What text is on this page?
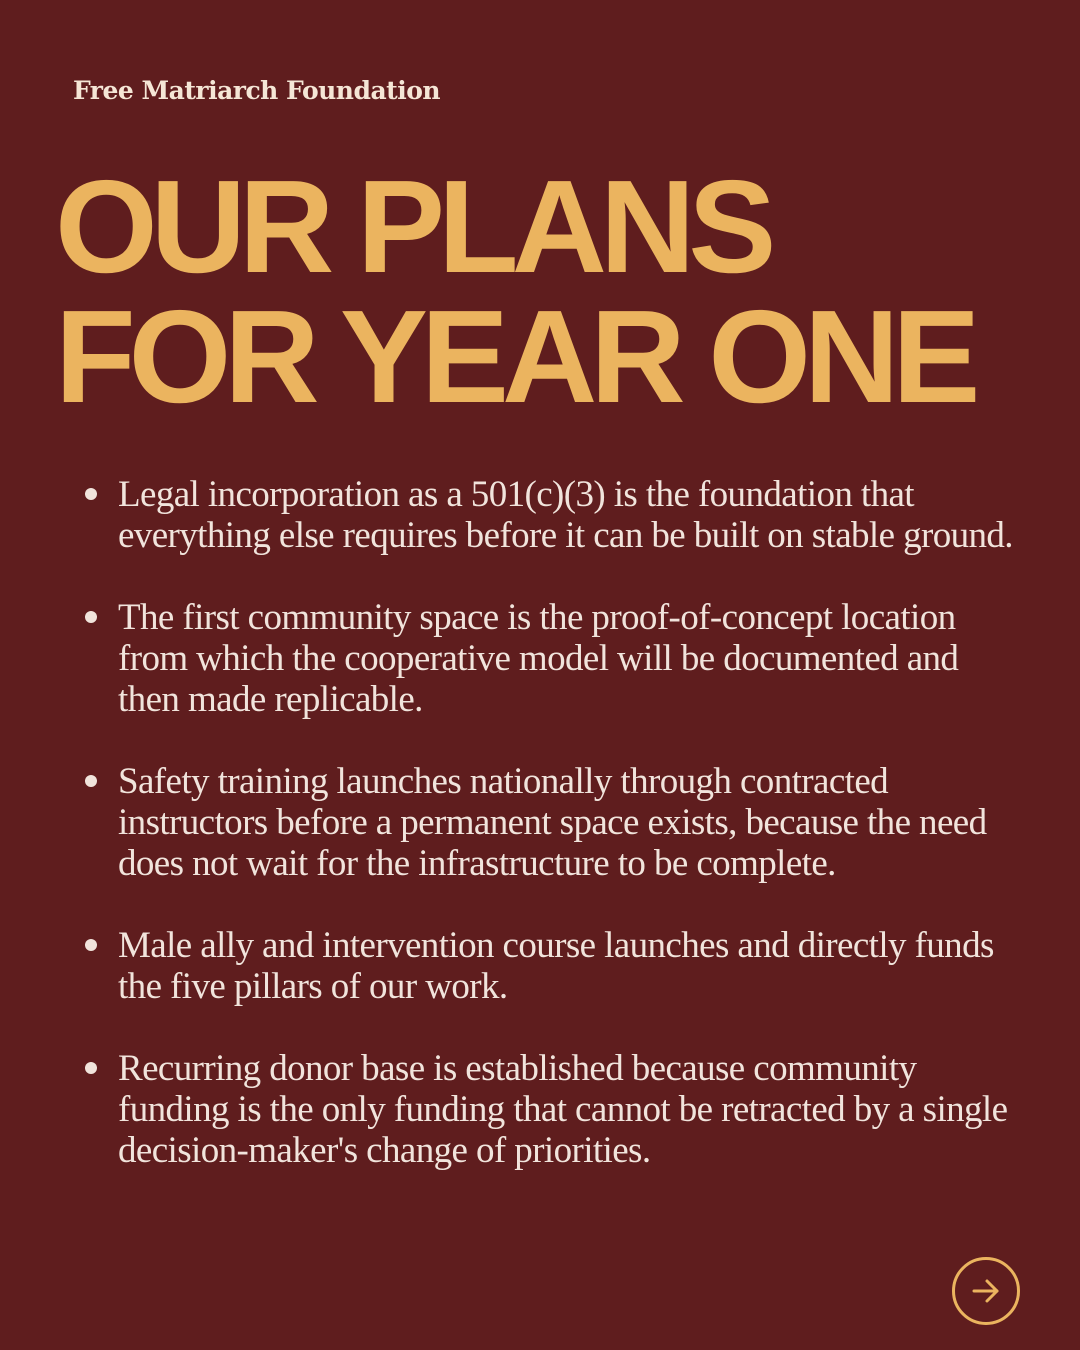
Free Matriarch Foundation
OUR PLANS
FOR YEAR ONE
Legal incorporation as a 501(c)(3) is the foundation that everything else requires before it can be built on stable ground.
The first community space is the proof-of-concept location from which the cooperative model will be documented and then made replicable.
Safety training launches nationally through contracted instructors before a permanent space exists, because the need does not wait for the infrastructure to be complete.
Male ally and intervention course launches and directly funds the five pillars of our work.
Recurring donor base is established because community funding is the only funding that cannot be retracted by a single decision-maker's change of priorities.
